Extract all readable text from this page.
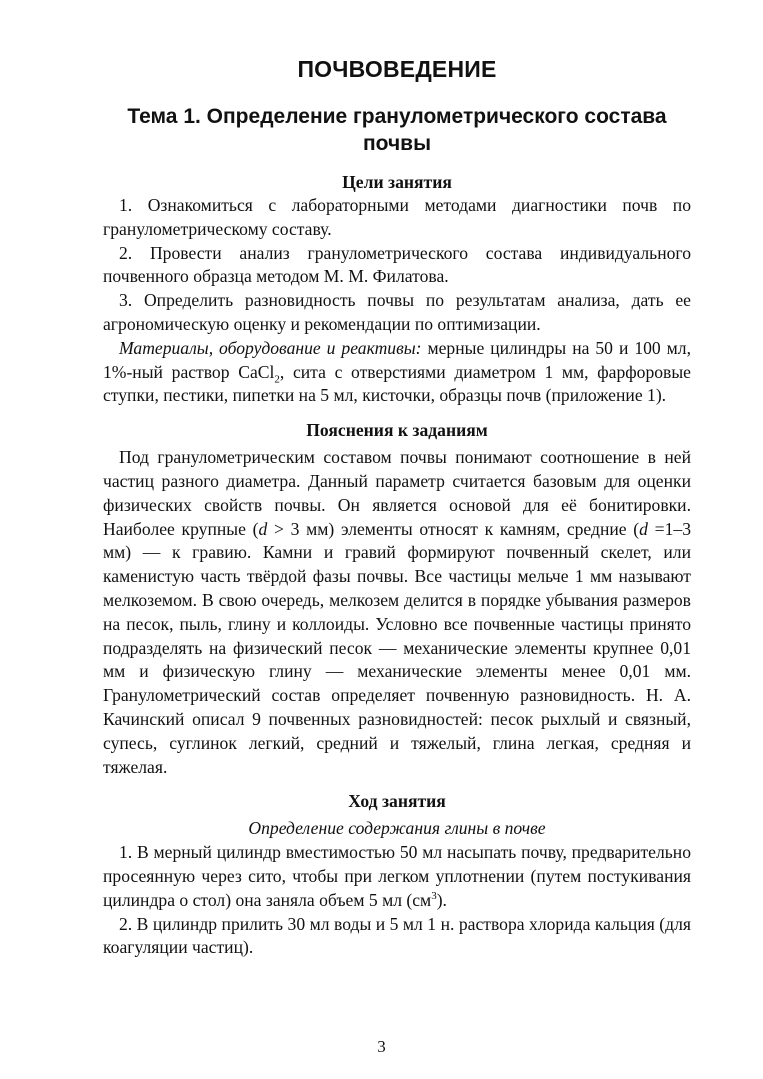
ПОЧВОВЕДЕНИЕ
Тема 1. Определение гранулометрического состава почвы
Цели занятия

1. Ознакомиться с лабораторными методами диагностики почв по гранулометрическому составу.

2. Провести анализ гранулометрического состава индивидуального почвенного образца методом М. М. Филатова.

3. Определить разновидность почвы по результатам анализа, дать ее агрономическую оценку и рекомендации по оптимизации.

Материалы, оборудование и реактивы: мерные цилиндры на 50 и 100 мл, 1%-ный раствор CaCl$_2$, сита с отверстиями диаметром 1 мм, фарфоровые ступки, пестики, пипетки на 5 мл, кисточки, образцы почв (приложение 1).

Пояснения к заданиям

Под гранулометрическим составом почвы понимают соотношение в ней частиц разного диаметра. Данный параметр считается базовым для оценки физических свойств почвы. Он является основой для её бонитировки. Наиболее крупные (d > 3 мм) элементы относят к камням, средние (d =1–3 мм) — к гравию. Камни и гравий формируют почвенный скелет, или каменистую часть твёрдой фазы почвы. Все частицы мельче 1 мм называют мелкоземом. В свою очередь, мелкозем делится в порядке убывания размеров на песок, пыль, глину и коллоиды. Условно все почвенные частицы принято подразделять на физический песок — механические элементы крупнее 0,01 мм и физическую глину — механические элементы менее 0,01 мм. Гранулометрический состав определяет почвенную разновидность. Н. А. Качинский описал 9 почвенных разновидностей: песок рыхлый и связный, супесь, суглинок легкий, средний и тяжелый, глина легкая, средняя и тяжелая.

Ход занятия
Определение содержания глины в почве

1. В мерный цилиндр вместимостью 50 мл насыпать почву, предварительно просеянную через сито, чтобы при легком уплотнении (путем постукивания цилиндра о стол) она заняла объем 5 мл $(см^3)$.

2. В цилиндр прилить 30 мл воды и 5 мл 1 н. раствора хлорида кальция (для коагуляции частиц).

3
